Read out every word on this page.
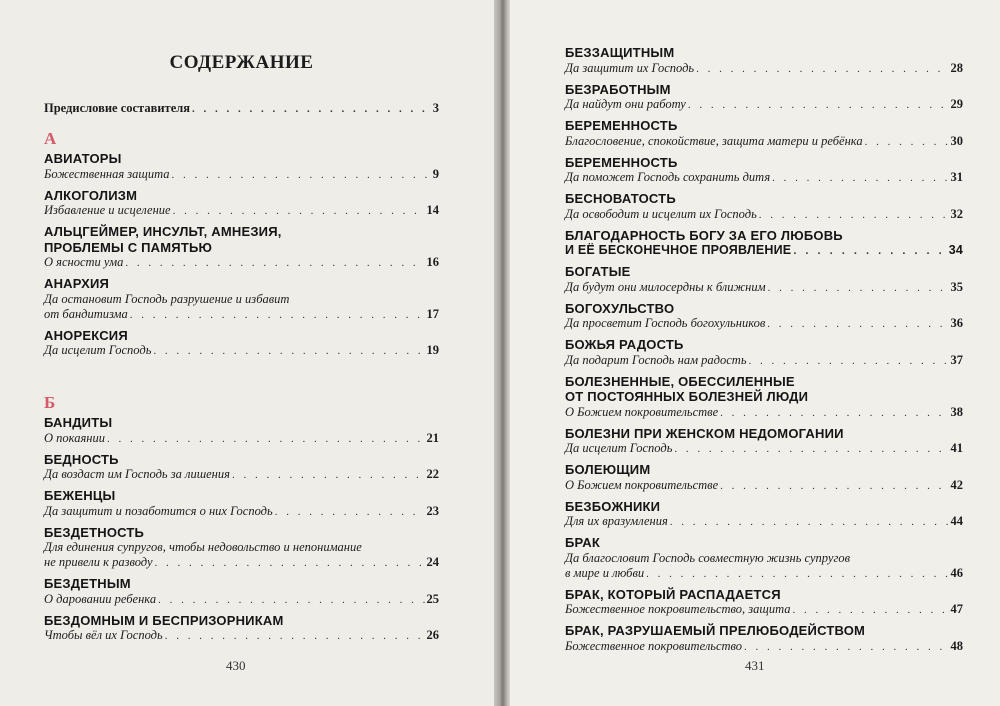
СОДЕРЖАНИЕ
Предисловие составителя . . .	3
А
АВИАТОРЫ
Божественная защита . . .	9
АЛКОГОЛИЗМ
Избавление и исцеление . . .	14
АЛЬЦГЕЙМЕР, ИНСУЛЬТ, АМНЕЗИЯ,
ПРОБЛЕМЫ С ПАМЯТЬЮ
О ясности ума . . .	16
АНАРХИЯ
Да остановит Господь разрушение и избавит
от бандитизма . . .	17
АНОРЕКСИЯ
Да исцелит Господь . . .	19
Б
БАНДИТЫ
О покаянии . . .	21
БЕДНОСТЬ
Да воздаст им Господь за лишения . . .	22
БЕЖЕНЦЫ
Да защитит и позаботится о них Господь . . .	23
БЕЗДЕТНОСТЬ
Для единения супругов, чтобы недовольство и непонимание
не привели к разводу . . .	24
БЕЗДЕТНЫМ
О даровании ребенка . . .	25
БЕЗДОМНЫМ И БЕСПРИЗОРНИКАМ
Чтобы вёл их Господь . . .	26
430
БЕЗЗАЩИТНЫМ
Да защитит их Господь . . .	28
БЕЗРАБОТНЫМ
Да найдут они работу . . .	29
БЕРЕМЕННОСТЬ
Благословение, спокойствие, защита матери и ребёнка . . .	30
БЕРЕМЕННОСТЬ
Да поможет Господь сохранить дитя . . .	31
БЕСНОВАТОСТЬ
Да освободит и исцелит их Господь . . .	32
БЛАГОДАРНОСТЬ БОГУ ЗА ЕГО ЛЮБОВЬ
И ЕЁ БЕСКОНЕЧНОЕ ПРОЯВЛЕНИЕ . . .	34
БОГАТЫЕ
Да будут они милосердны к ближним . . .	35
БОГОХУЛЬСТВО
Да просветит Господь богохульников . . .	36
БОЖЬЯ РАДОСТЬ
Да подарит Господь нам радость . . .	37
БОЛЕЗНЕННЫЕ, ОБЕССИЛЕННЫЕ
ОТ ПОСТОЯННЫХ БОЛЕЗНЕЙ ЛЮДИ
О Божием покровительстве . . .	38
БОЛЕЗНИ ПРИ ЖЕНСКОМ НЕДОМОГАНИИ
Да исцелит Господь . . .	41
БОЛЕЮЩИМ
О Божием покровительстве . . .	42
БЕЗБОЖНИКИ
Для их вразумления . . .	44
БРАК
Да благословит Господь совместную жизнь супругов
в мире и любви . . .	46
БРАК, КОТОРЫЙ РАСПАДАЕТСЯ
Божественное покровительство, защита . . .	47
БРАК, РАЗРУШАЕМЫЙ ПРЕЛЮБОДЕЙСТВОМ
Божественное покровительство . . .	48
431
